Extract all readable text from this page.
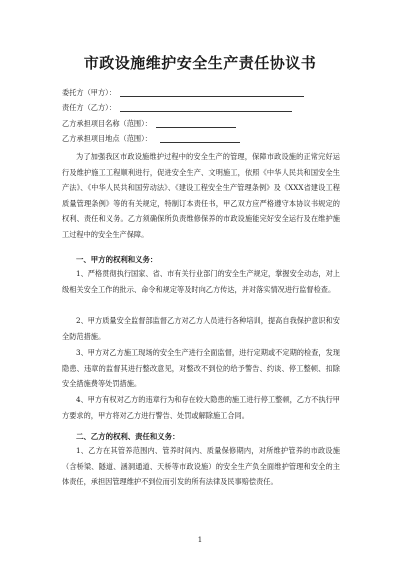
市政设施维护安全生产责任协议书
委托方（甲方）：
责任方（乙方）：
乙方承担项目名称（范围）：
乙方承担项目地点（范围）：
为了加强我区市政设施维护过程中的安全生产的管理，保障市政设施的正常完好运行及维护施工工程顺利进行，促进安全生产、文明施工，依照《中华人民共和国安全生产法》、《中华人民共和国劳动法》、《建设工程安全生产管理条例》及《XXX省建设工程质量管理条例》等的有关规定，特制订本责任书，甲乙双方应严格遵守本协议书规定的权利、责任和义务。乙方须确保所负责维修保养的市政设施能完好安全运行及在维护施工过程中的安全生产保障。
一、甲方的权利和义务：
1、严格贯彻执行国家、省、市有关行业部门的安全生产规定，掌握安全动态，对上级相关安全工作的批示、命令和规定等及时向乙方传达，并对落实情况进行监督检查。
2、甲方质量安全监督部监督乙方对乙方人员进行各种培训，提高自我保护意识和安全防范措施。
3、甲方对乙方施工现场的安全生产进行全面监督，进行定期或不定期的检查，发现隐患、违章的监督其进行整改意见，对整改不到位的给予警告、约谈、停工整顿、扣除安全措施费等处罚措施。
4、甲方有权对乙方的违章行为和存在较大隐患的施工进行停工整顿，乙方不执行甲方要求的，甲方将对乙方进行警告、处罚或解除施工合同。
二、乙方的权利、责任和义务：
1、乙方在其管养范围内、管养时间内、质量保修期内，对所维护管养的市政设施（含桥梁、隧道、涵洞通道、天桥等市政设施）的安全生产负全面维护管理和安全的主体责任，承担因管理维护不到位而引发的所有法律及民事赔偿责任。
1
